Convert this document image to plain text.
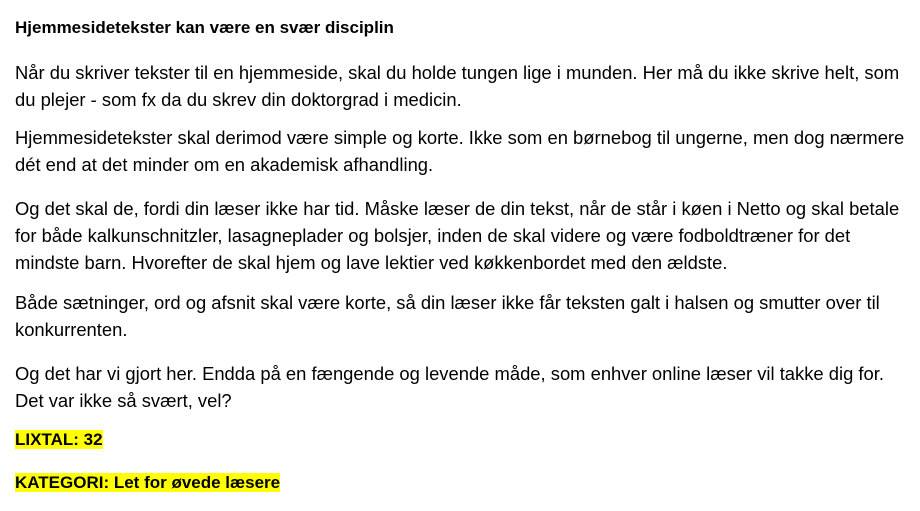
Hjemmesidetekster kan være en svær disciplin

Når du skriver tekster til en hjemmeside, skal du holde tungen lige i munden. Her må du ikke skrive helt, som du plejer - som fx da du skrev din doktorgrad i medicin.

Hjemmesidetekster skal derimod være simple og korte. Ikke som en børnebog til ungerne, men dog nærmere dét end at det minder om en akademisk afhandling.

Og det skal de, fordi din læser ikke har tid. Måske læser de din tekst, når de står i køen i Netto og skal betale for både kalkunschnitzler, lasagneplader og bolsjer, inden de skal videre og være fodboldtræner for det mindste barn. Hvorefter de skal hjem og lave lektier ved køkkenbordet med den ældste.

Både sætninger, ord og afsnit skal være korte, så din læser ikke får teksten galt i halsen og smutter over til konkurrenten.

Og det har vi gjort her. Endda på en fængende og levende måde, som enhver online læser vil takke dig for. Det var ikke så svært, vel?

LIXTAL: 32

KATEGORI: Let for øvede læsere
